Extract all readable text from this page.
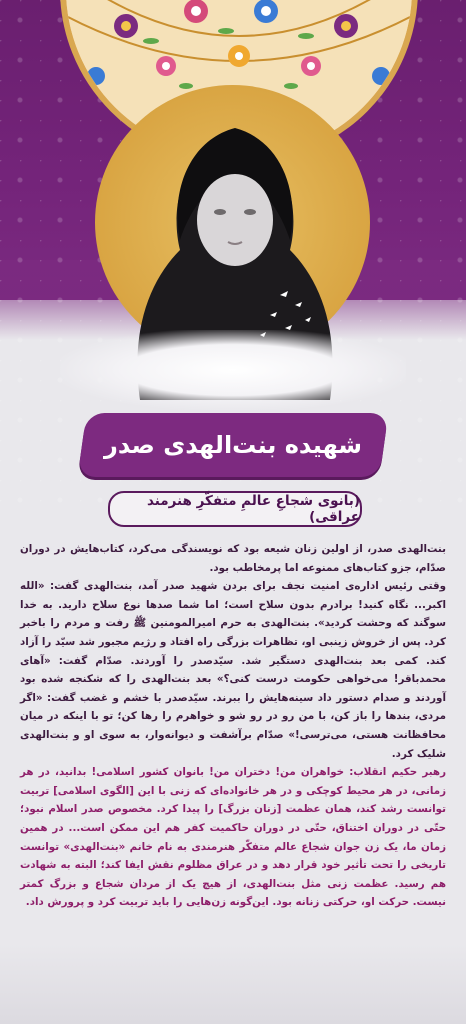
شهیده بنت‌الهدی صدر
(بانوی شجاعِ عالمِ متفکّرِ هنرمند عراقی)

بنت‌الهدی صدر، از اولین زنان شیعه بود که نویسندگی می‌کرد، کتاب‌هایش در دوران صدّام، جزو کتاب‌های ممنوعه اما پرمخاطب بود.

وقتی رئیس اداره‌ی امنیت نجف برای بردن شهید صدر آمد، بنت‌الهدی گفت: «الله اکبر... نگاه کنید! برادرم بدون سلاح است؛ اما شما صدها نوع سلاح دارید. به خدا سوگند که وحشت کردید». بنت‌الهدی به حرم امیرالمومنین ﷺ رفت و مردم را باخبر کرد. پس از خروش زینبی او، تظاهرات بزرگی راه افتاد و رژیم مجبور شد سیّد را آزاد کند. کمی بعد بنت‌الهدی دستگیر شد. سیّدصدر را آوردند. صدّام گفت: «آهای محمدباقر! می‌خواهی حکومت درست کنی؟» بعد بنت‌الهدی را که شکنجه شده بود آوردند و صدام دستور داد سینه‌هایش را ببرند. سیّدصدر با خشم و غضب گفت: «اگر مردی، بندها را باز کن، با من رو در رو شو و خواهرم را رها کن؛ تو با اینکه در میان محافظانت هستی، می‌ترسی!» صدّام برآشفت و دیوانه‌وار، به سوی او و بنت‌الهدی شلیک کرد.

رهبر حکیم انقلاب: خواهران من! دختران من! بانوان کشور اسلامی! بدانید، در هر زمانی، در هر محیط کوچکی و در هر خانواده‌ای که زنی با این [الگوی اسلامی] تربیت توانست رشد کند، همان عظمت [زنان بزرگ] را پیدا کرد. مخصوص صدر اسلام نبود؛ حتّی در دوران اختناق، حتّی در دوران حاکمیت کفر هم این ممکن است... در همین زمان ما، یک زن جوان شجاع عالم متفکّر هنرمندی به نام خانم «بنت‌الهدی» توانست تاریخی را تحت تأثیر خود قرار دهد و در عراق مظلوم نقش ایفا کند؛ البته به شهادت هم رسید. عظمت زنی مثل بنت‌الهدی، از هیچ یک از مردان شجاع و بزرگ کمتر نیست. حرکت او، حرکتی زنانه بود. این‌گونه زن‌هایی را باید تربیت کرد و پرورش داد.
